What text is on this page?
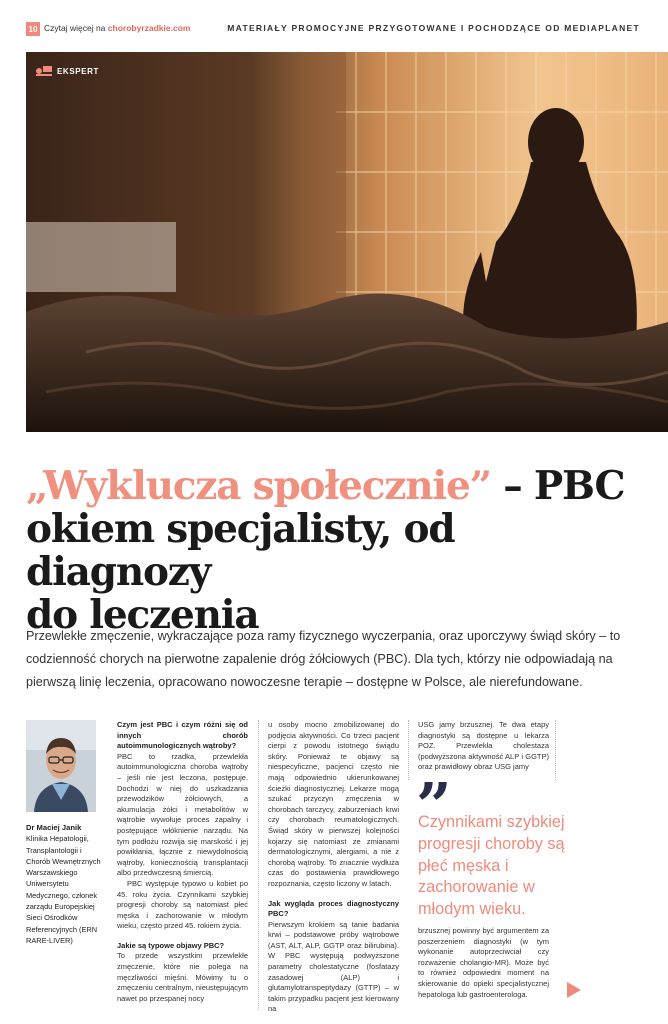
10 Czytaj więcej na chorobyrzadkie.com	MATERIAŁY PROMOCYJNE PRZYGOTOWANE I POCHODZĄCE OD MEDIAPLANET
EKSPERT
„Wyklucza społecznie” – PBC
okiem specjalisty, od diagnozy
do leczenia

Przewlekłe zmęczenie, wykraczające poza ramy fizycznego wyczerpania, oraz uporczywy świąd skóry – to codzienność chorych na pierwotne zapalenie dróg żółciowych (PBC). Dla tych, którzy nie odpowiadają na pierwszą linię leczenia, opracowano nowoczesne terapie – dostępne w Polsce, ale nierefundowane.

Dr Maciej Janik
Klinika Hepatologii, Transplantologii i Chorób Wewnętrznych Warszawskiego Uniwersytetu Medycznego, członek zarządu Europejskiej Sieci Ośrodków Referencyjnych (ERN RARE-LIVER)

Czym jest PBC i czym różni się od innych chorób autoimmunologicznych wątroby?

PBC to rzadka, przewlekła autoimmunologiczna choroba wątroby – jeśli nie jest leczona, postępuje. Dochodzi w niej do uszkadzania przewodzików żółciowych, a akumulacja żółci i metabolitów w wątrobie wywołuje proces zapalny i postępujące włóknienie narządu. Na tym podłożu rozwija się marskość i jej powikłania, łącznie z niewydolnością wątroby, koniecznością transplantacji albo przedwczesną śmiercią.

PBC występuje typowo u kobiet po 45. roku życia. Czynnikami szybkiej progresji choroby są natomiast płeć męska i zachorowanie w młodym wieku, często przed 45. rokiem życia.

Jakie są typowe objawy PBC?

To przede wszystkim przewlekłe zmęczenie, które nie polega na męczliwości mięśni. Mówimy tu o zmęczeniu centralnym, nieustępującym nawet po przespanej nocy

u osoby mocno zmobilizowanej do podjęcia aktywności. Co trzeci pacjent cierpi z powodu istotnego świądu skóry. Ponieważ te objawy są niespecyficzne, pacjenci często nie mają odpowiednio ukierunkowanej ścieżki diagnostycznej. Lekarze mogą szukać przyczyn zmęczenia w chorobach tarczycy, zaburzeniach krwi czy chorobach reumatologicznych. Świąd skóry w pierwszej kolejności kojarzy się natomiast ze zmianami dermatologicznymi, alergiami, a nie z chorobą wątroby. To znacznie wydłuża czas do postawienia prawidłowego rozpoznania, często liczony w latach.

Jak wygląda proces diagnostyczny PBC?

Pierwszym krokiem są tanie badania krwi – podstawowe próby wątrobowe (AST, ALT, ALP, GGTP oraz bilirubina). W PBC występują podwyższone parametry cholestatyczne (fosfatazy zasadowej (ALP) i glutamylotranspeptydazy (GTTP) – w takim przypadku pacjent jest kierowany na

USG jamy brzusznej. Te dwa etapy diagnostyki są dostępne u lekarza POZ. Przewlekła cholestaza (podwyższona aktywność ALP i GGTP) oraz prawidłowy obraz USG jamy

”

Czynnikami szybkiej progresji choroby są płeć męska i zachorowanie w młodym wieku.

brzusznej powinny być argumentem za poszerzeniem diagnostyki (w tym wykonanie autoprzeciwciał czy rozważenie cholangio-MR). Może być to również odpowiedni moment na skierowanie do opieki specjalistycznej hepatologa lub gastroenterologa.
